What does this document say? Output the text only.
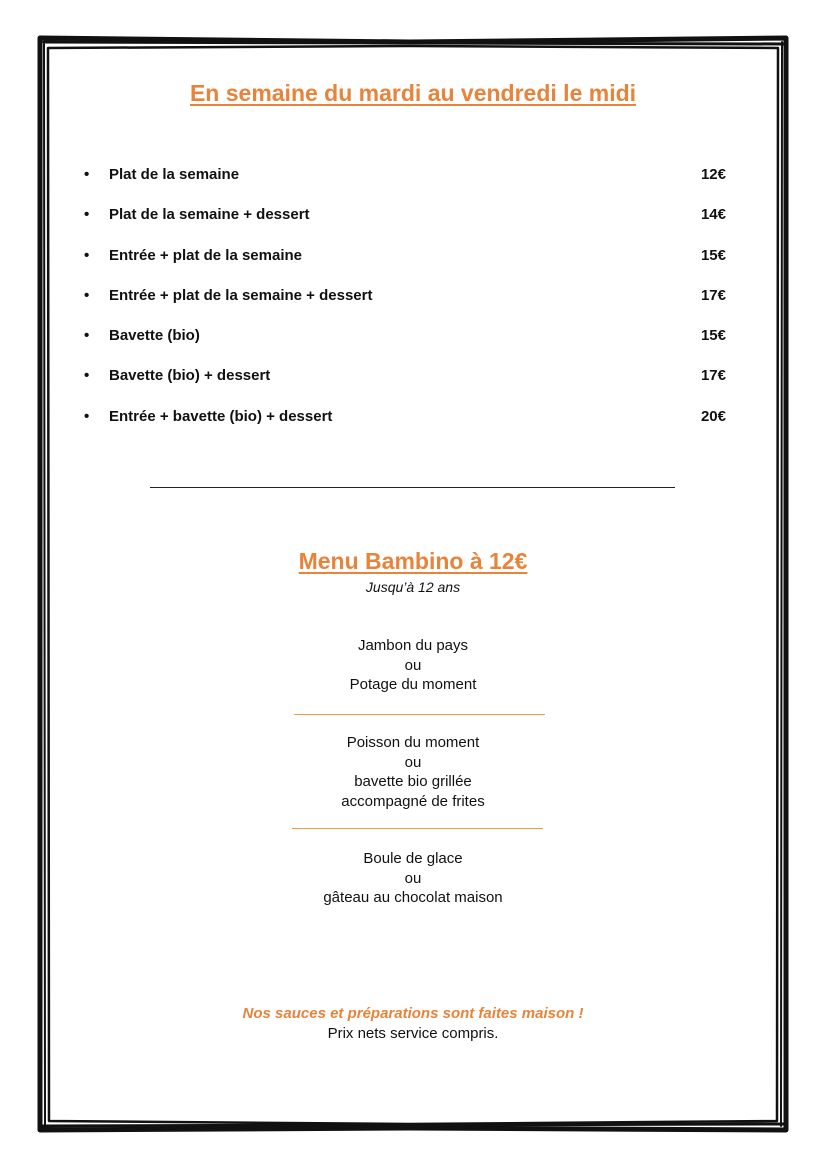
En semaine du mardi au vendredi le midi
• Plat de la semaine	12€
• Plat de la semaine + dessert	14€
• Entrée + plat de la semaine	15€
• Entrée + plat de la semaine + dessert	17€
• Bavette (bio)	15€
• Bavette (bio) + dessert	17€
• Entrée + bavette (bio) + dessert	20€
Menu Bambino à 12€
Jusqu’à 12 ans
Jambon du pays
ou
Potage du moment
Poisson du moment
ou
bavette bio grillée
accompagné de frites
Boule de glace
ou
gâteau au chocolat maison
Nos sauces et préparations sont faites maison !
Prix nets service compris.
